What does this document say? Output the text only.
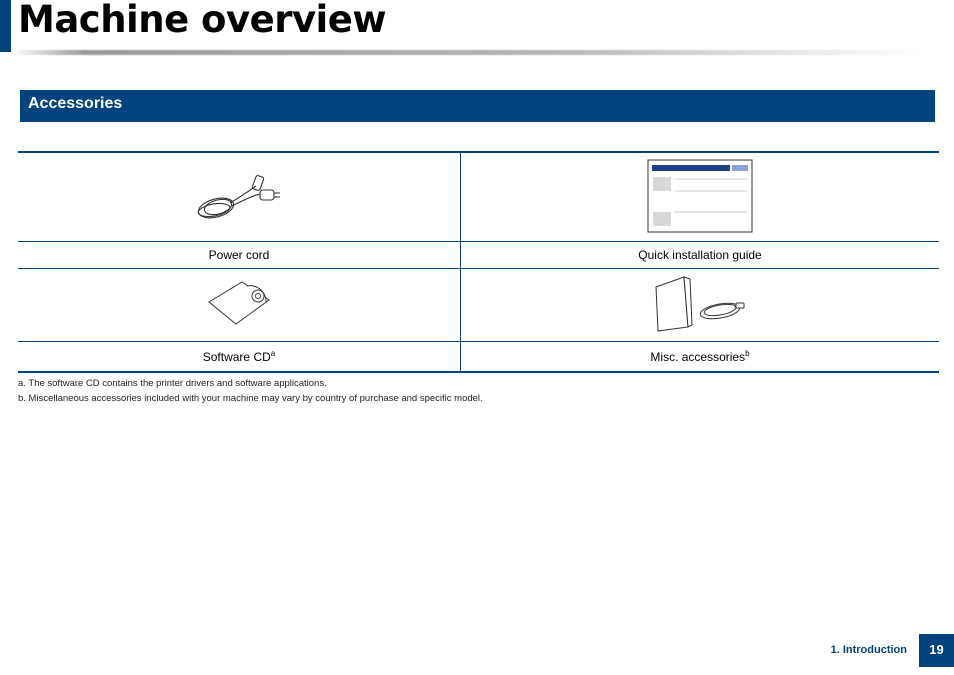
Machine overview
Accessories

Power cord	Quick installation guide

Software $CD^a$	Misc. accessories$^b$
a. The software CD contains the printer drivers and software applications.
b. Miscellaneous accessories included with your machine may vary by country of purchase and specific model.
1. Introduction	19
